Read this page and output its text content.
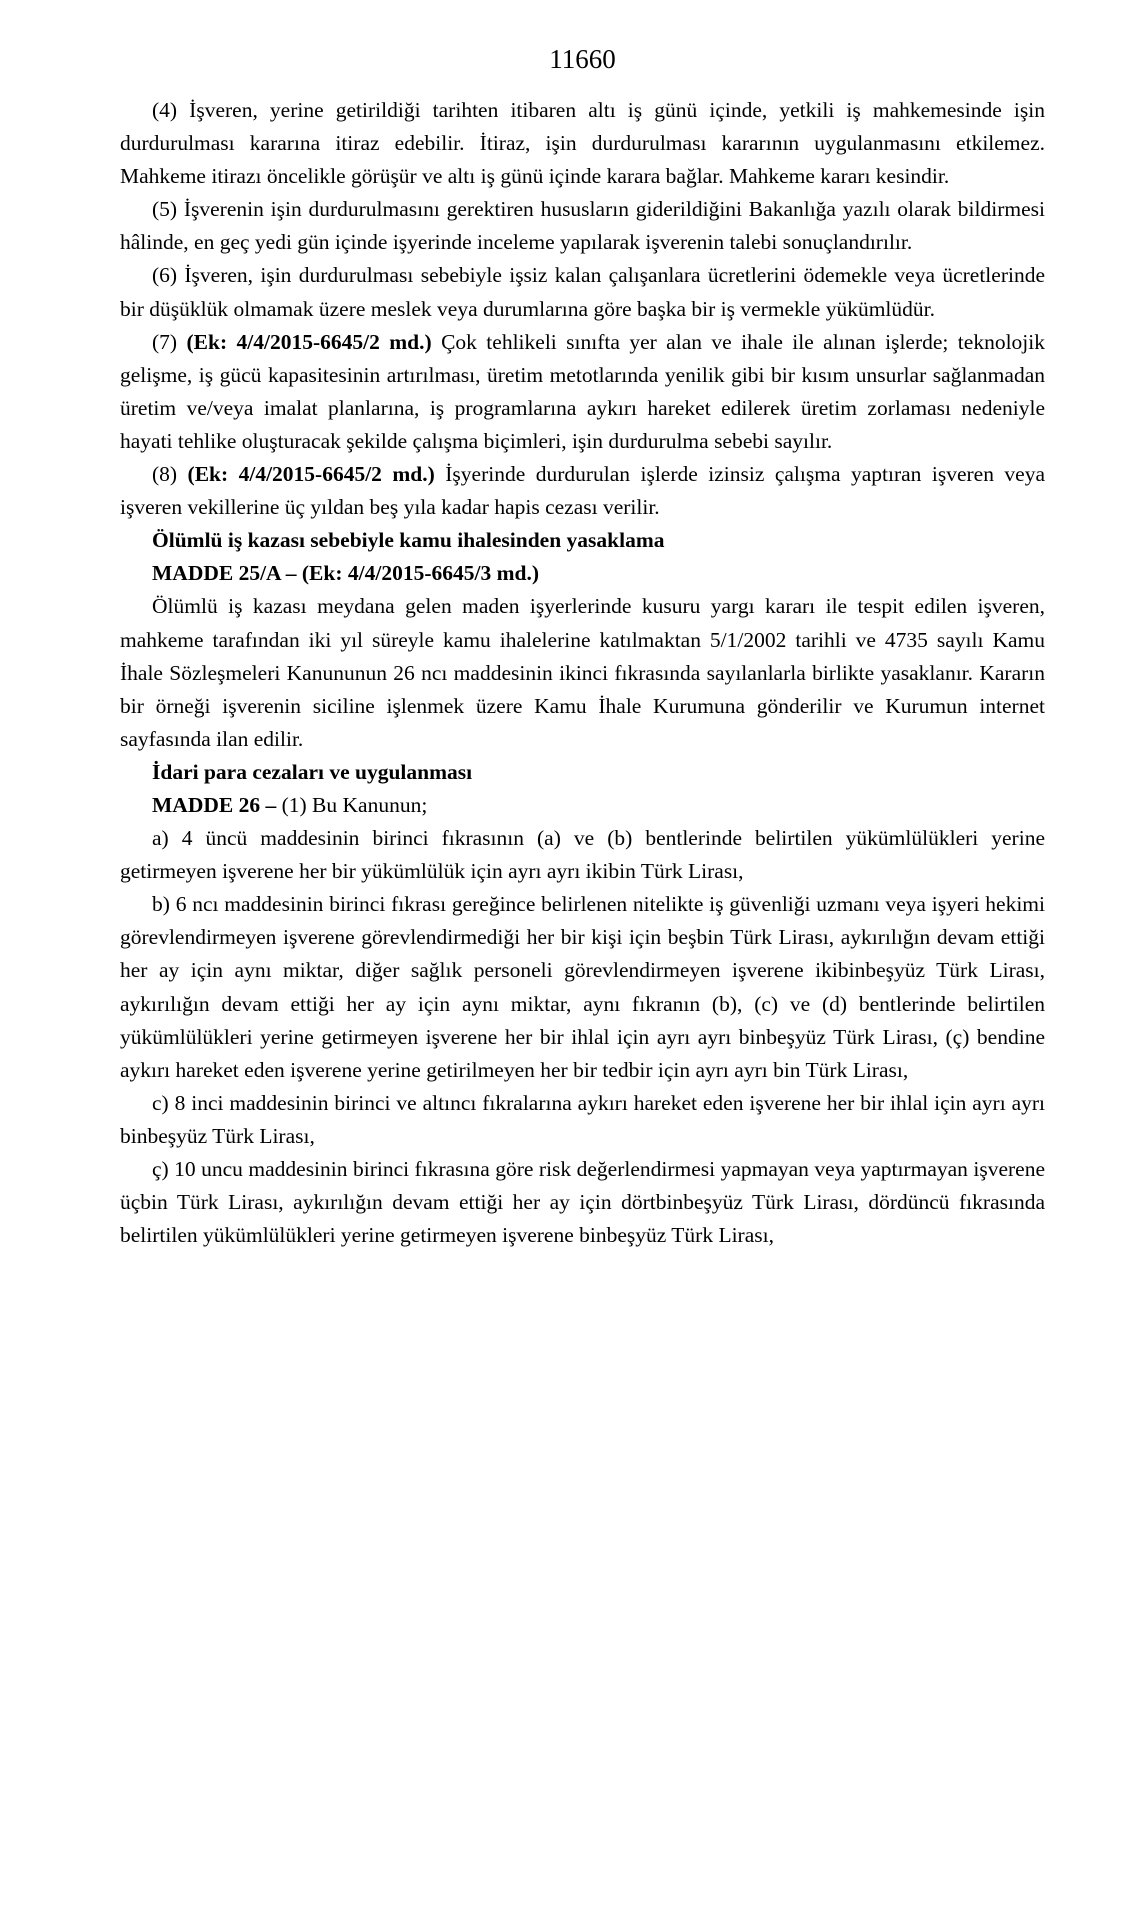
11660

(4) İşveren, yerine getirildiği tarihten itibaren altı iş günü içinde, yetkili iş mahkemesinde işin durdurulması kararına itiraz edebilir. İtiraz, işin durdurulması kararının uygulanmasını etkilemez. Mahkeme itirazı öncelikle görüşür ve altı iş günü içinde karara bağlar. Mahkeme kararı kesindir.

(5) İşverenin işin durdurulmasını gerektiren hususların giderildiğini Bakanlığa yazılı olarak bildirmesi hâlinde, en geç yedi gün içinde işyerinde inceleme yapılarak işverenin talebi sonuçlandırılır.

(6) İşveren, işin durdurulması sebebiyle işsiz kalan çalışanlara ücretlerini ödemekle veya ücretlerinde bir düşüklük olmamak üzere meslek veya durumlarına göre başka bir iş vermekle yükümlüdür.

(7) (Ek: 4/4/2015-6645/2 md.) Çok tehlikeli sınıfta yer alan ve ihale ile alınan işlerde; teknolojik gelişme, iş gücü kapasitesinin artırılması, üretim metotlarında yenilik gibi bir kısım unsurlar sağlanmadan üretim ve/veya imalat planlarına, iş programlarına aykırı hareket edilerek üretim zorlaması nedeniyle hayati tehlike oluşturacak şekilde çalışma biçimleri, işin durdurulma sebebi sayılır.

(8) (Ek: 4/4/2015-6645/2 md.) İşyerinde durdurulan işlerde izinsiz çalışma yaptıran işveren veya işveren vekillerine üç yıldan beş yıla kadar hapis cezası verilir.

Ölümlü iş kazası sebebiyle kamu ihalesinden yasaklama

MADDE 25/A – (Ek: 4/4/2015-6645/3 md.)

Ölümlü iş kazası meydana gelen maden işyerlerinde kusuru yargı kararı ile tespit edilen işveren, mahkeme tarafından iki yıl süreyle kamu ihalelerine katılmaktan 5/1/2002 tarihli ve 4735 sayılı Kamu İhale Sözleşmeleri Kanununun 26 ncı maddesinin ikinci fıkrasında sayılanlarla birlikte yasaklanır. Kararın bir örneği işverenin siciline işlenmek üzere Kamu İhale Kurumuna gönderilir ve Kurumun internet sayfasında ilan edilir.

İdari para cezaları ve uygulanması

MADDE 26 – (1) Bu Kanunun;

a) 4 üncü maddesinin birinci fıkrasının (a) ve (b) bentlerinde belirtilen yükümlülükleri yerine getirmeyen işverene her bir yükümlülük için ayrı ayrı ikibin Türk Lirası,

b) 6 ncı maddesinin birinci fıkrası gereğince belirlenen nitelikte iş güvenliği uzmanı veya işyeri hekimi görevlendirmeyen işverene görevlendirmediği her bir kişi için beşbin Türk Lirası, aykırılığın devam ettiği her ay için aynı miktar, diğer sağlık personeli görevlendirmeyen işverene ikibinbeşyüz Türk Lirası, aykırılığın devam ettiği her ay için aynı miktar, aynı fıkranın (b), (c) ve (d) bentlerinde belirtilen yükümlülükleri yerine getirmeyen işverene her bir ihlal için ayrı ayrı binbeşyüz Türk Lirası, (ç) bendine aykırı hareket eden işverene yerine getirilmeyen her bir tedbir için ayrı ayrı bin Türk Lirası,

c) 8 inci maddesinin birinci ve altıncı fıkralarına aykırı hareket eden işverene her bir ihlal için ayrı ayrı binbeşyüz Türk Lirası,

ç) 10 uncu maddesinin birinci fıkrasına göre risk değerlendirmesi yapmayan veya yaptırmayan işverene üçbin Türk Lirası, aykırılığın devam ettiği her ay için dörtbinbeşyüz Türk Lirası, dördüncü fıkrasında belirtilen yükümlülükleri yerine getirmeyen işverene binbeşyüz Türk Lirası,
